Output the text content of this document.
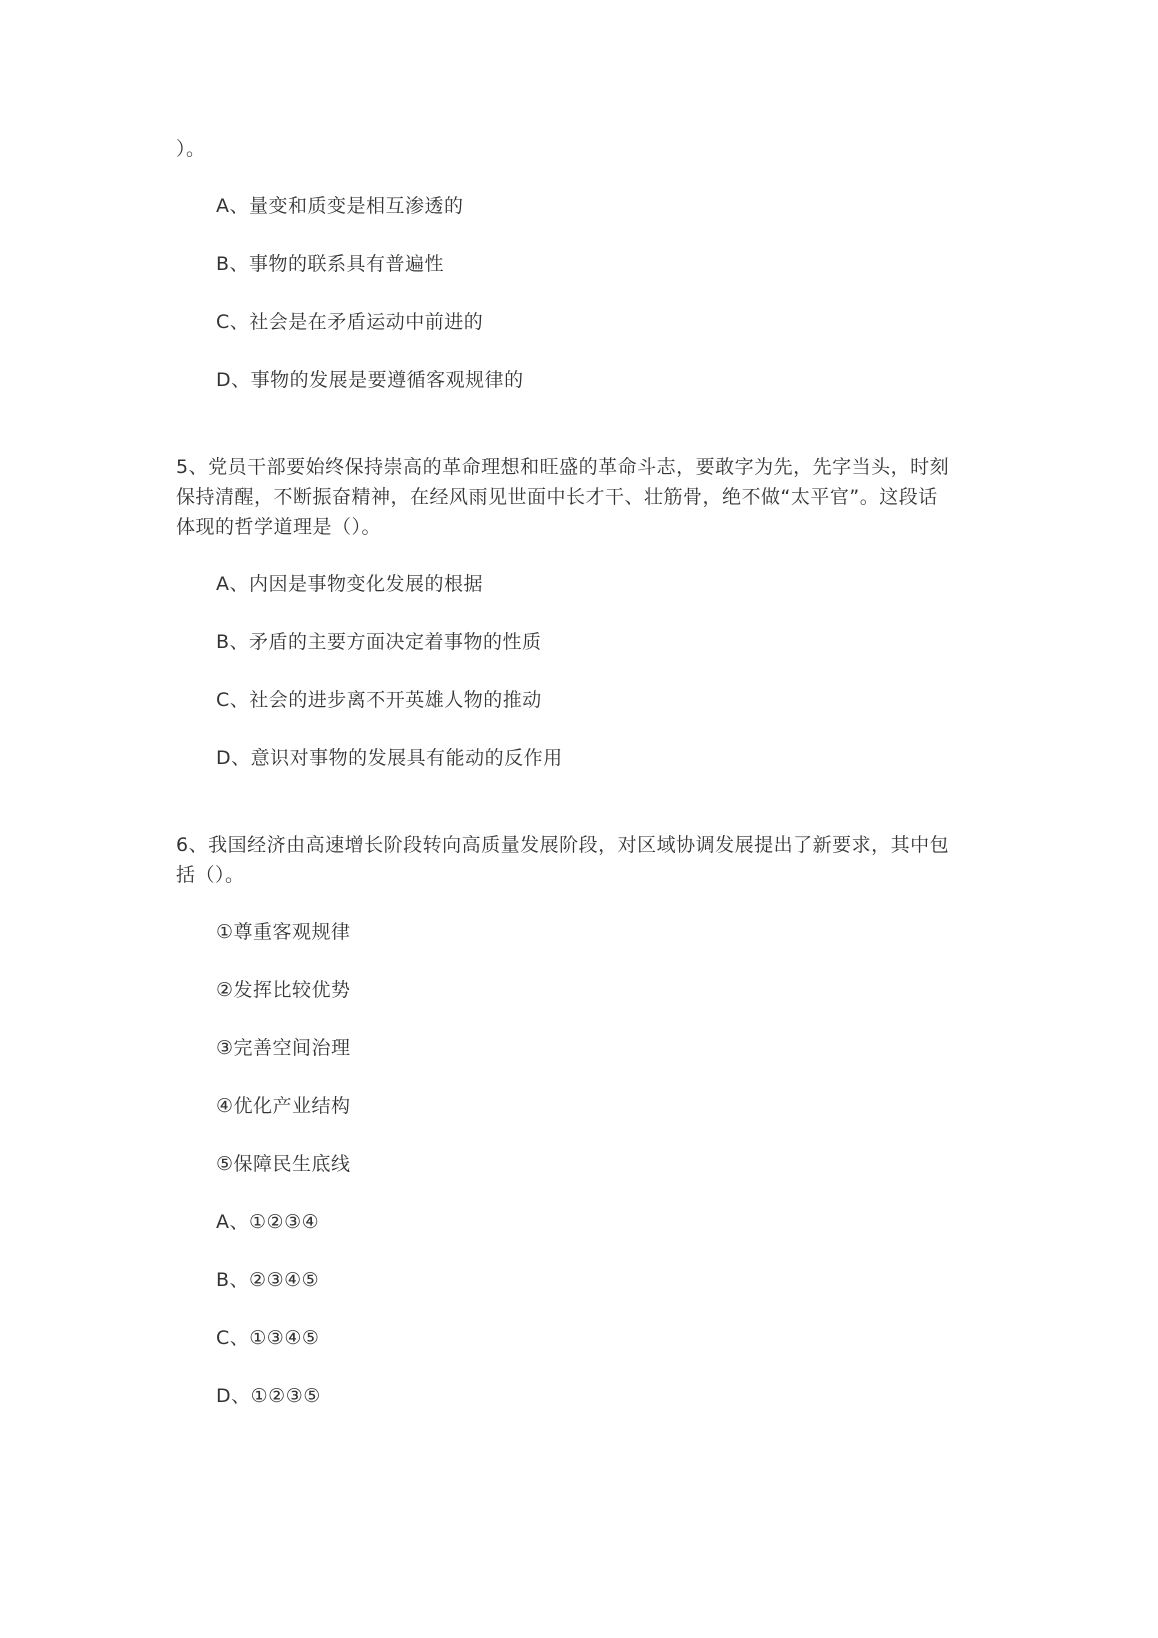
）。
A、量变和质变是相互渗透的
B、事物的联系具有普遍性
C、社会是在矛盾运动中前进的
D、事物的发展是要遵循客观规律的
5、党员干部要始终保持崇高的革命理想和旺盛的革命斗志，要敢字为先，先字当头，时刻
保持清醒，不断振奋精神，在经风雨见世面中长才干、壮筋骨，绝不做“太平官”。这段话
体现的哲学道理是（）。
A、内因是事物变化发展的根据
B、矛盾的主要方面决定着事物的性质
C、社会的进步离不开英雄人物的推动
D、意识对事物的发展具有能动的反作用
6、我国经济由高速增长阶段转向高质量发展阶段，对区域协调发展提出了新要求，其中包
括（）。
①尊重客观规律
②发挥比较优势
③完善空间治理
④优化产业结构
⑤保障民生底线
A、①②③④
B、②③④⑤
C、①③④⑤
D、①②③⑤
